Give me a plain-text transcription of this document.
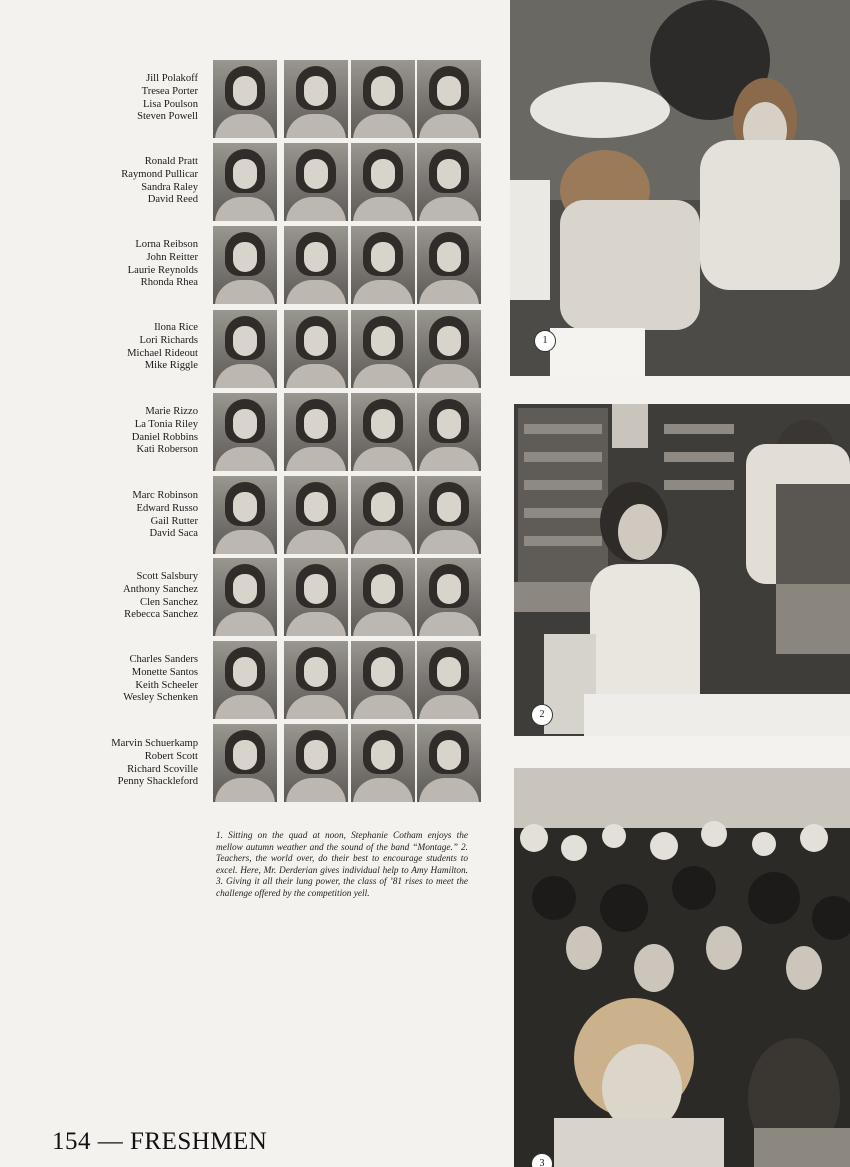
Jill Polakoff
Tresea Porter
Lisa Poulson
Steven Powell
Ronald Pratt
Raymond Pullicar
Sandra Raley
David Reed
Lorna Reibson
John Reitter
Laurie Reynolds
Rhonda Rhea
Ilona Rice
Lori Richards
Michael Rideout
Mike Riggle
Marie Rizzo
La Tonia Riley
Daniel Robbins
Kati Roberson
Marc Robinson
Edward Russo
Gail Rutter
David Saca
Scott Salsbury
Anthony Sanchez
Clen Sanchez
Rebecca Sanchez
Charles Sanders
Monette Santos
Keith Scheeler
Wesley Schenken
Marvin Schuerkamp
Robert Scott
Richard Scoville
Penny Shackleford
1
2
3
1. Sitting on the quad at noon, Stephanie Cotham enjoys the mellow autumn weather and the sound of the band “Montage.” 2. Teachers, the world over, do their best to encourage students to excel. Here, Mr. Derderian gives individual help to Amy Hamilton. 3. Giving it all their lung power, the class of ’81 rises to meet the challenge offered by the competition yell.
154 — FRESHMEN
